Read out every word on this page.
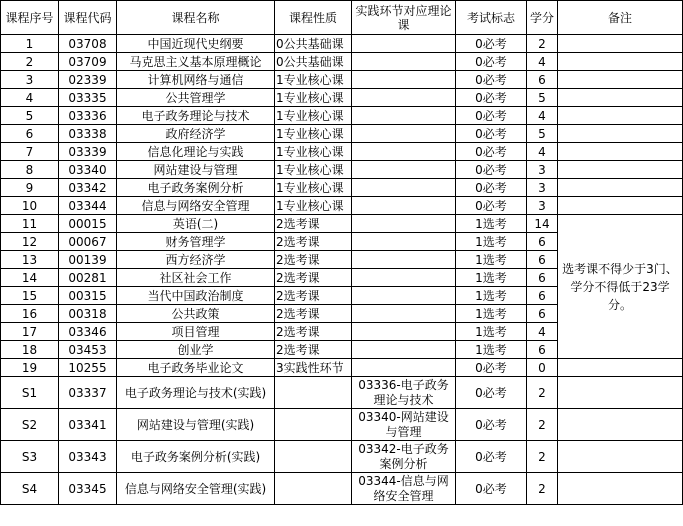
课程序号	课程代码	课程名称	课程性质	实践环节对应理论课	考试标志	学分	备注
1	03708	中国近现代史纲要	0公共基础课		0必考	2	
2	03709	马克思主义基本原理概论	0公共基础课		0必考	4	
3	02339	计算机网络与通信	1专业核心课		0必考	6	
4	03335	公共管理学	1专业核心课		0必考	5	
5	03336	电子政务理论与技术	1专业核心课		0必考	4	
6	03338	政府经济学	1专业核心课		0必考	5	
7	03339	信息化理论与实践	1专业核心课		0必考	4	
8	03340	网站建设与管理	1专业核心课		0必考	3	
9	03342	电子政务案例分析	1专业核心课		0必考	3	
10	03344	信息与网络安全管理	1专业核心课		0必考	3	
11	00015	英语(二)	2选考课		1选考	14	选考课不得少于3门、学分不得低于23学分。
12	00067	财务管理学	2选考课		1选考	6	
13	00139	西方经济学	2选考课		1选考	6	
14	00281	社区社会工作	2选考课		1选考	6	
15	00315	当代中国政治制度	2选考课		1选考	6	
16	00318	公共政策	2选考课		1选考	6	
17	03346	项目管理	2选考课		1选考	4	
18	03453	创业学	2选考课		1选考	6	
19	10255	电子政务毕业论文	3实践性环节		0必考	0	
S1	03337	电子政务理论与技术(实践)		03336-电子政务理论与技术	0必考	2	
S2	03341	网站建设与管理(实践)		03340-网站建设与管理	0必考	2	
S3	03343	电子政务案例分析(实践)		03342-电子政务案例分析	0必考	2	
S4	03345	信息与网络安全管理(实践)		03344-信息与网络安全管理	0必考	2	
